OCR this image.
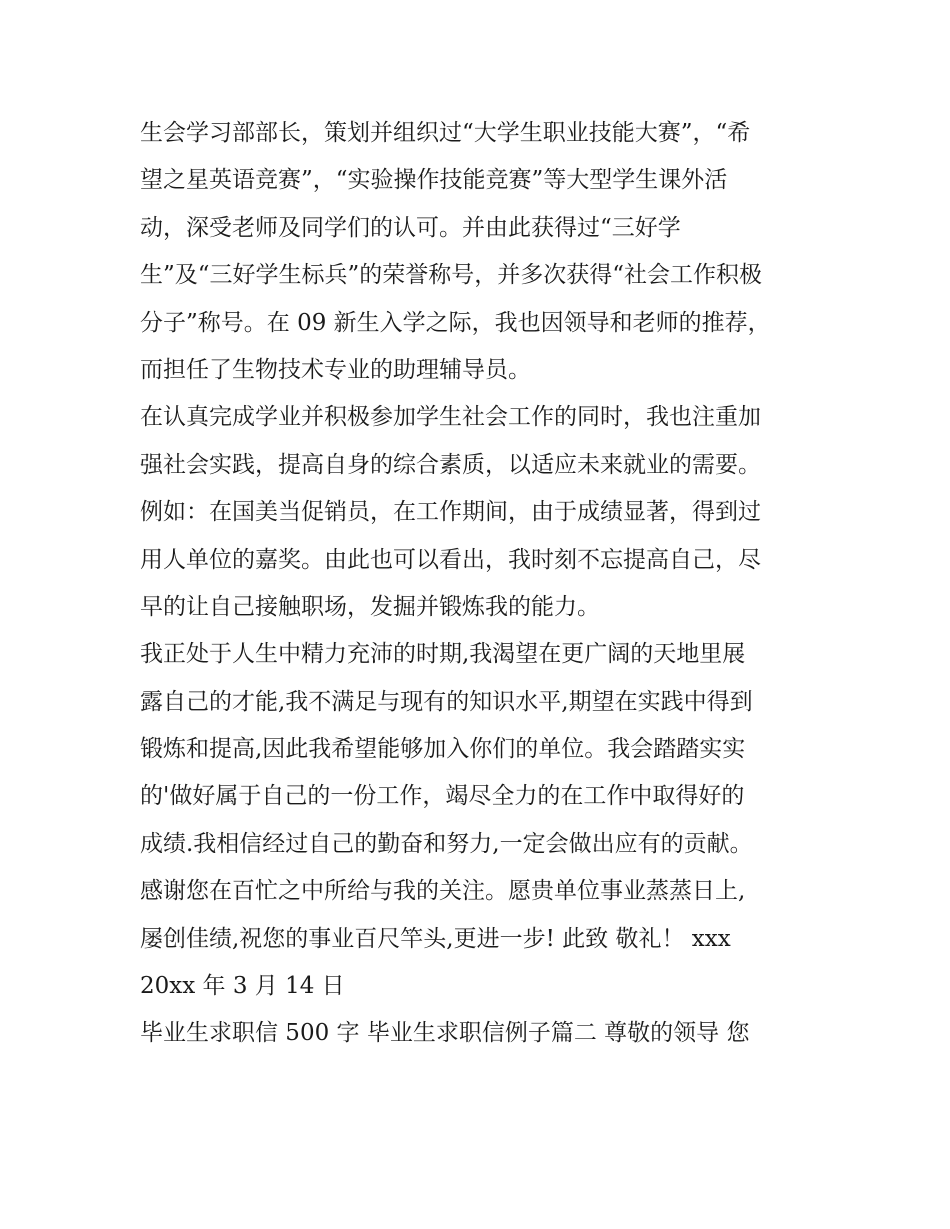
生会学习部部长，策划并组织过“大学生职业技能大赛”，“希
望之星英语竞赛”，“实验操作技能竞赛”等大型学生课外活
动，深受老师及同学们的认可。并由此获得过“三好学
生”及“三好学生标兵”的荣誉称号，并多次获得“社会工作积极
分子”称号。在 09 新生入学之际，我也因领导和老师的推荐，
而担任了生物技术专业的助理辅导员。
在认真完成学业并积极参加学生社会工作的同时，我也注重加
强社会实践，提高自身的综合素质，以适应未来就业的需要。
例如：在国美当促销员，在工作期间，由于成绩显著，得到过
用人单位的嘉奖。由此也可以看出，我时刻不忘提高自己，尽
早的让自己接触职场，发掘并锻炼我的能力。
我正处于人生中精力充沛的时期,我渴望在更广阔的天地里展
露自己的才能,我不满足与现有的知识水平,期望在实践中得到
锻炼和提高,因此我希望能够加入你们的单位。我会踏踏实实
的'做好属于自己的一份工作，竭尽全力的在工作中取得好的
成绩.我相信经过自己的勤奋和努力,一定会做出应有的贡献。
感谢您在百忙之中所给与我的关注。愿贵单位事业蒸蒸日上,
屡创佳绩,祝您的事业百尺竿头,更进一步! 此致 敬礼！ xxx
20xx 年 3 月 14 日
毕业生求职信 500 字 毕业生求职信例子篇二 尊敬的领导 您
